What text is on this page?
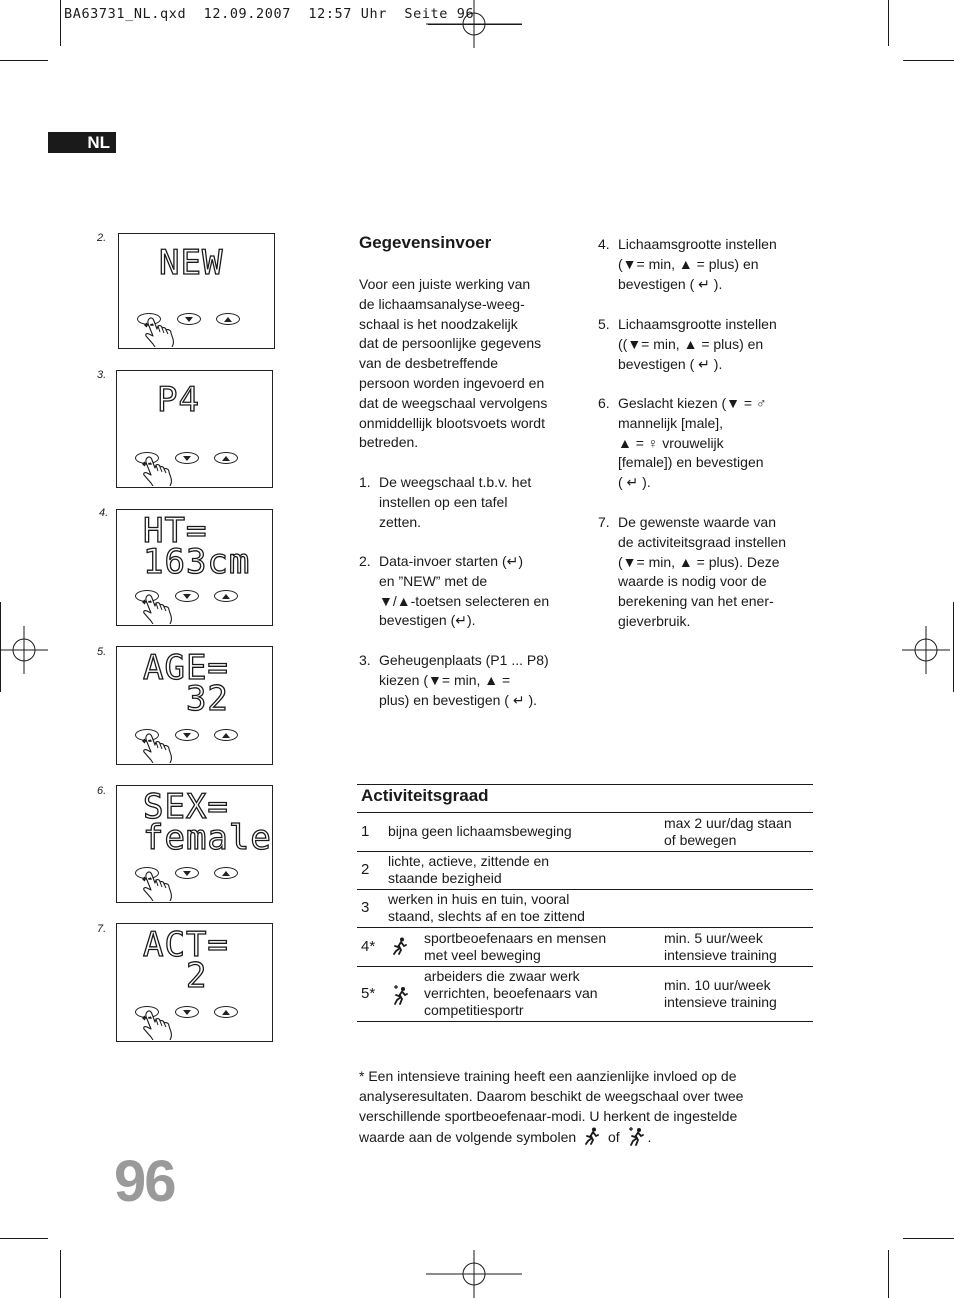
BA63731_NL.qxd  12.09.2007  12:57 Uhr  Seite 96
NL
2.
NEW
3.
P4
4. HT=
163cm
5. AGE=
32
6. SEX=
female
7. ACT=
2
Gegevensinvoer
Voor een juiste werking van
de lichaamsanalyse-weeg-
schaal is het noodzakelijk
dat de persoonlijke gegevens
van de desbetreffende
persoon worden ingevoerd en
dat de weegschaal vervolgens
onmiddellijk blootsvoets wordt
betreden.
1. De weegschaal t.b.v. het
instellen op een tafel
zetten.
2. Data-invoer starten (↵)
en ”NEW” met de
▼/▲-toetsen selecteren en
bevestigen (↵).
3. Geheugenplaats (P1 ... P8)
kiezen (▼= min, ▲ =
plus) en bevestigen ( ↵ ).
4. Lichaamsgrootte instellen
(▼= min, ▲ = plus) en
bevestigen ( ↵ ).
5. Lichaamsgrootte instellen
((▼= min, ▲ = plus) en
bevestigen ( ↵ ).
6. Geslacht kiezen (▼ = ♂
mannelijk [male],
▲ = ♀ vrouwelijk
[female]) en bevestigen
( ↵ ).
7. De gewenste waarde van
de activiteitsgraad instellen
(▼= min, ▲ = plus). Deze
waarde is nodig voor de
berekening van het ener-
gieverbruik.
Activiteitsgraad
1 bijna geen lichaamsbeweging
max 2 uur/dag staan
of bewegen
2 lichte, actieve, zittende en
staande bezigheid
3 werken in huis en tuin, vooral
staand, slechts af en toe zittend
4*	sportbeoefenaars en mensen
met veel beweging
min. 5 uur/week
intensieve training
5*
arbeiders die zwaar werk
verrichten, beoefenaars van
competitiesportr
min. 10 uur/week
intensieve training
* Een intensieve training heeft een aanzienlijke invloed op de
analyseresultaten. Daarom beschikt de weegschaal over twee
verschillende sportbeoefenaar-modi. U herkent de ingestelde
waarde aan de volgende symbolen of .
96
